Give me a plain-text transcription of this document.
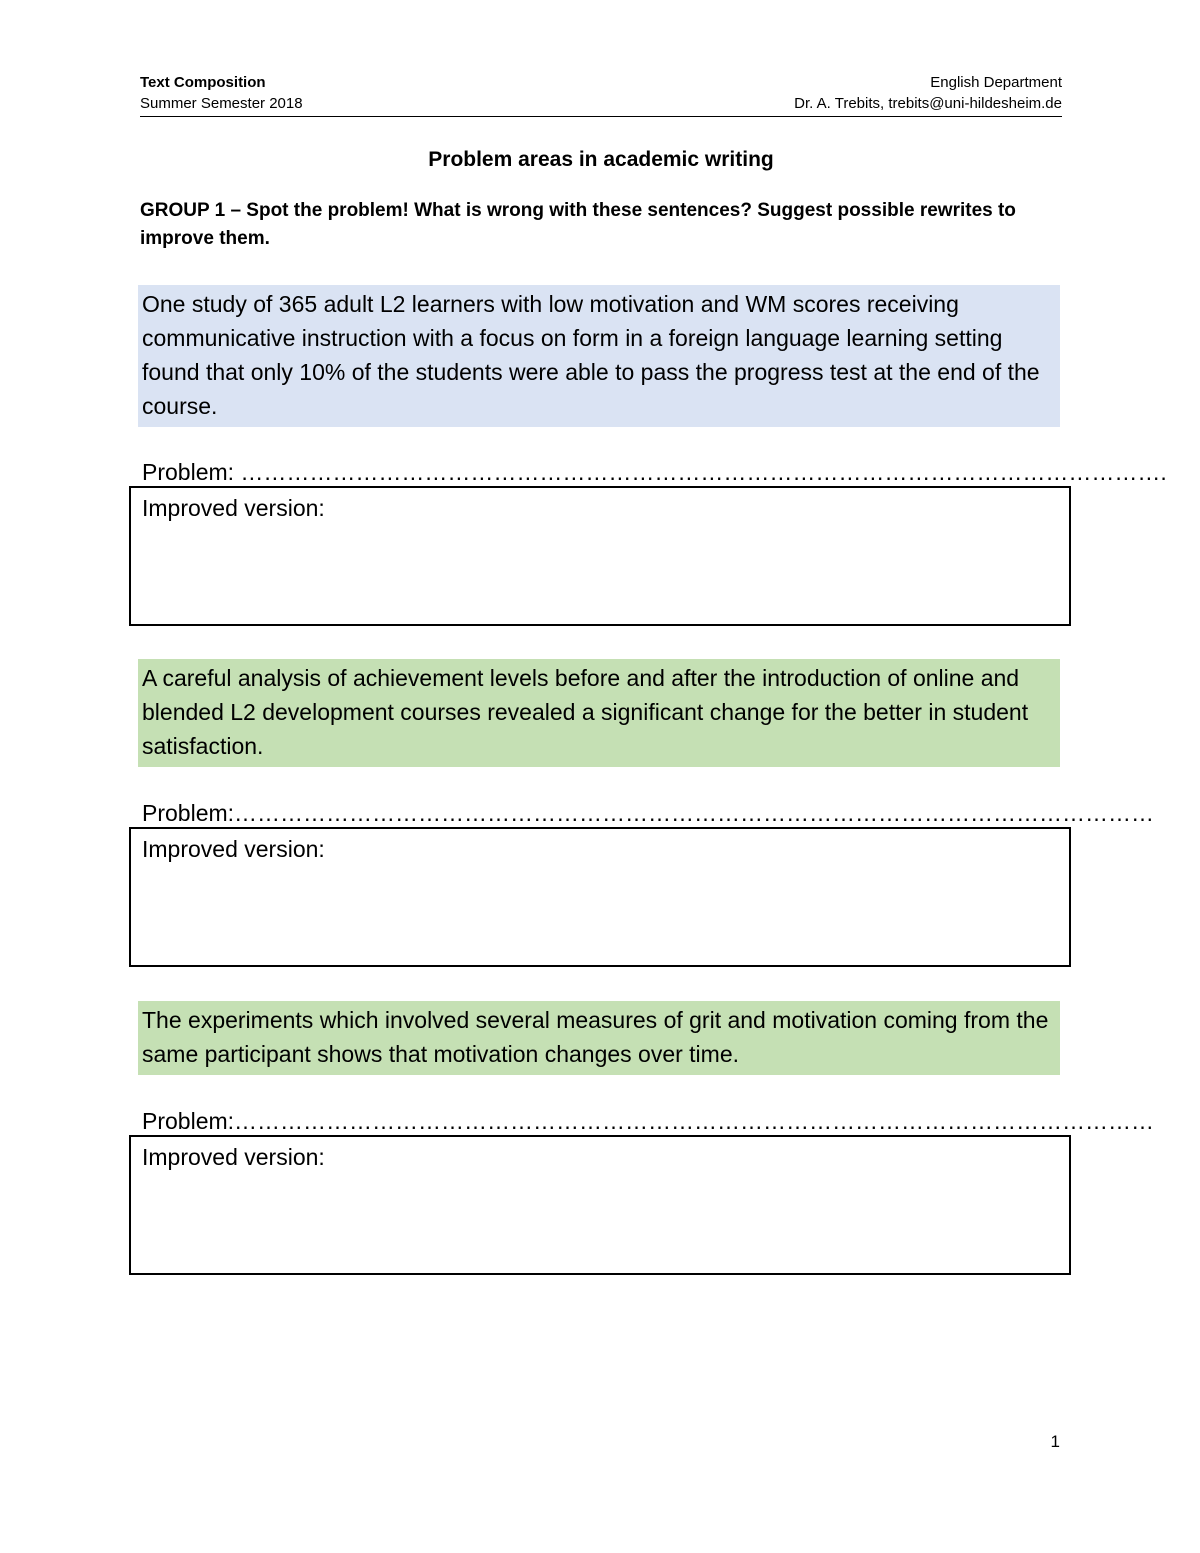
Text Composition
Summer Semester 2018
English Department
Dr. A. Trebits, trebits@uni-hildesheim.de
Problem areas in academic writing
GROUP 1 – Spot the problem! What is wrong with these sentences? Suggest possible rewrites to improve them.
One study of 365 adult L2 learners with low motivation and WM scores receiving communicative instruction with a focus on form in a foreign language learning setting found that only 10% of the students were able to pass the progress test at the end of the course.
Problem: ………………………………………………………………………………………………………….
Improved version:
A careful analysis of achievement levels before and after the introduction of online and blended L2 development courses revealed a significant change for the better in student satisfaction.
Problem:…………………………………………………………………………………………………………
Improved version:
The experiments which involved several measures of grit and motivation coming from the same participant shows that motivation changes over time.
Problem:…………………………………………………………………………………………………………
Improved version:
1
